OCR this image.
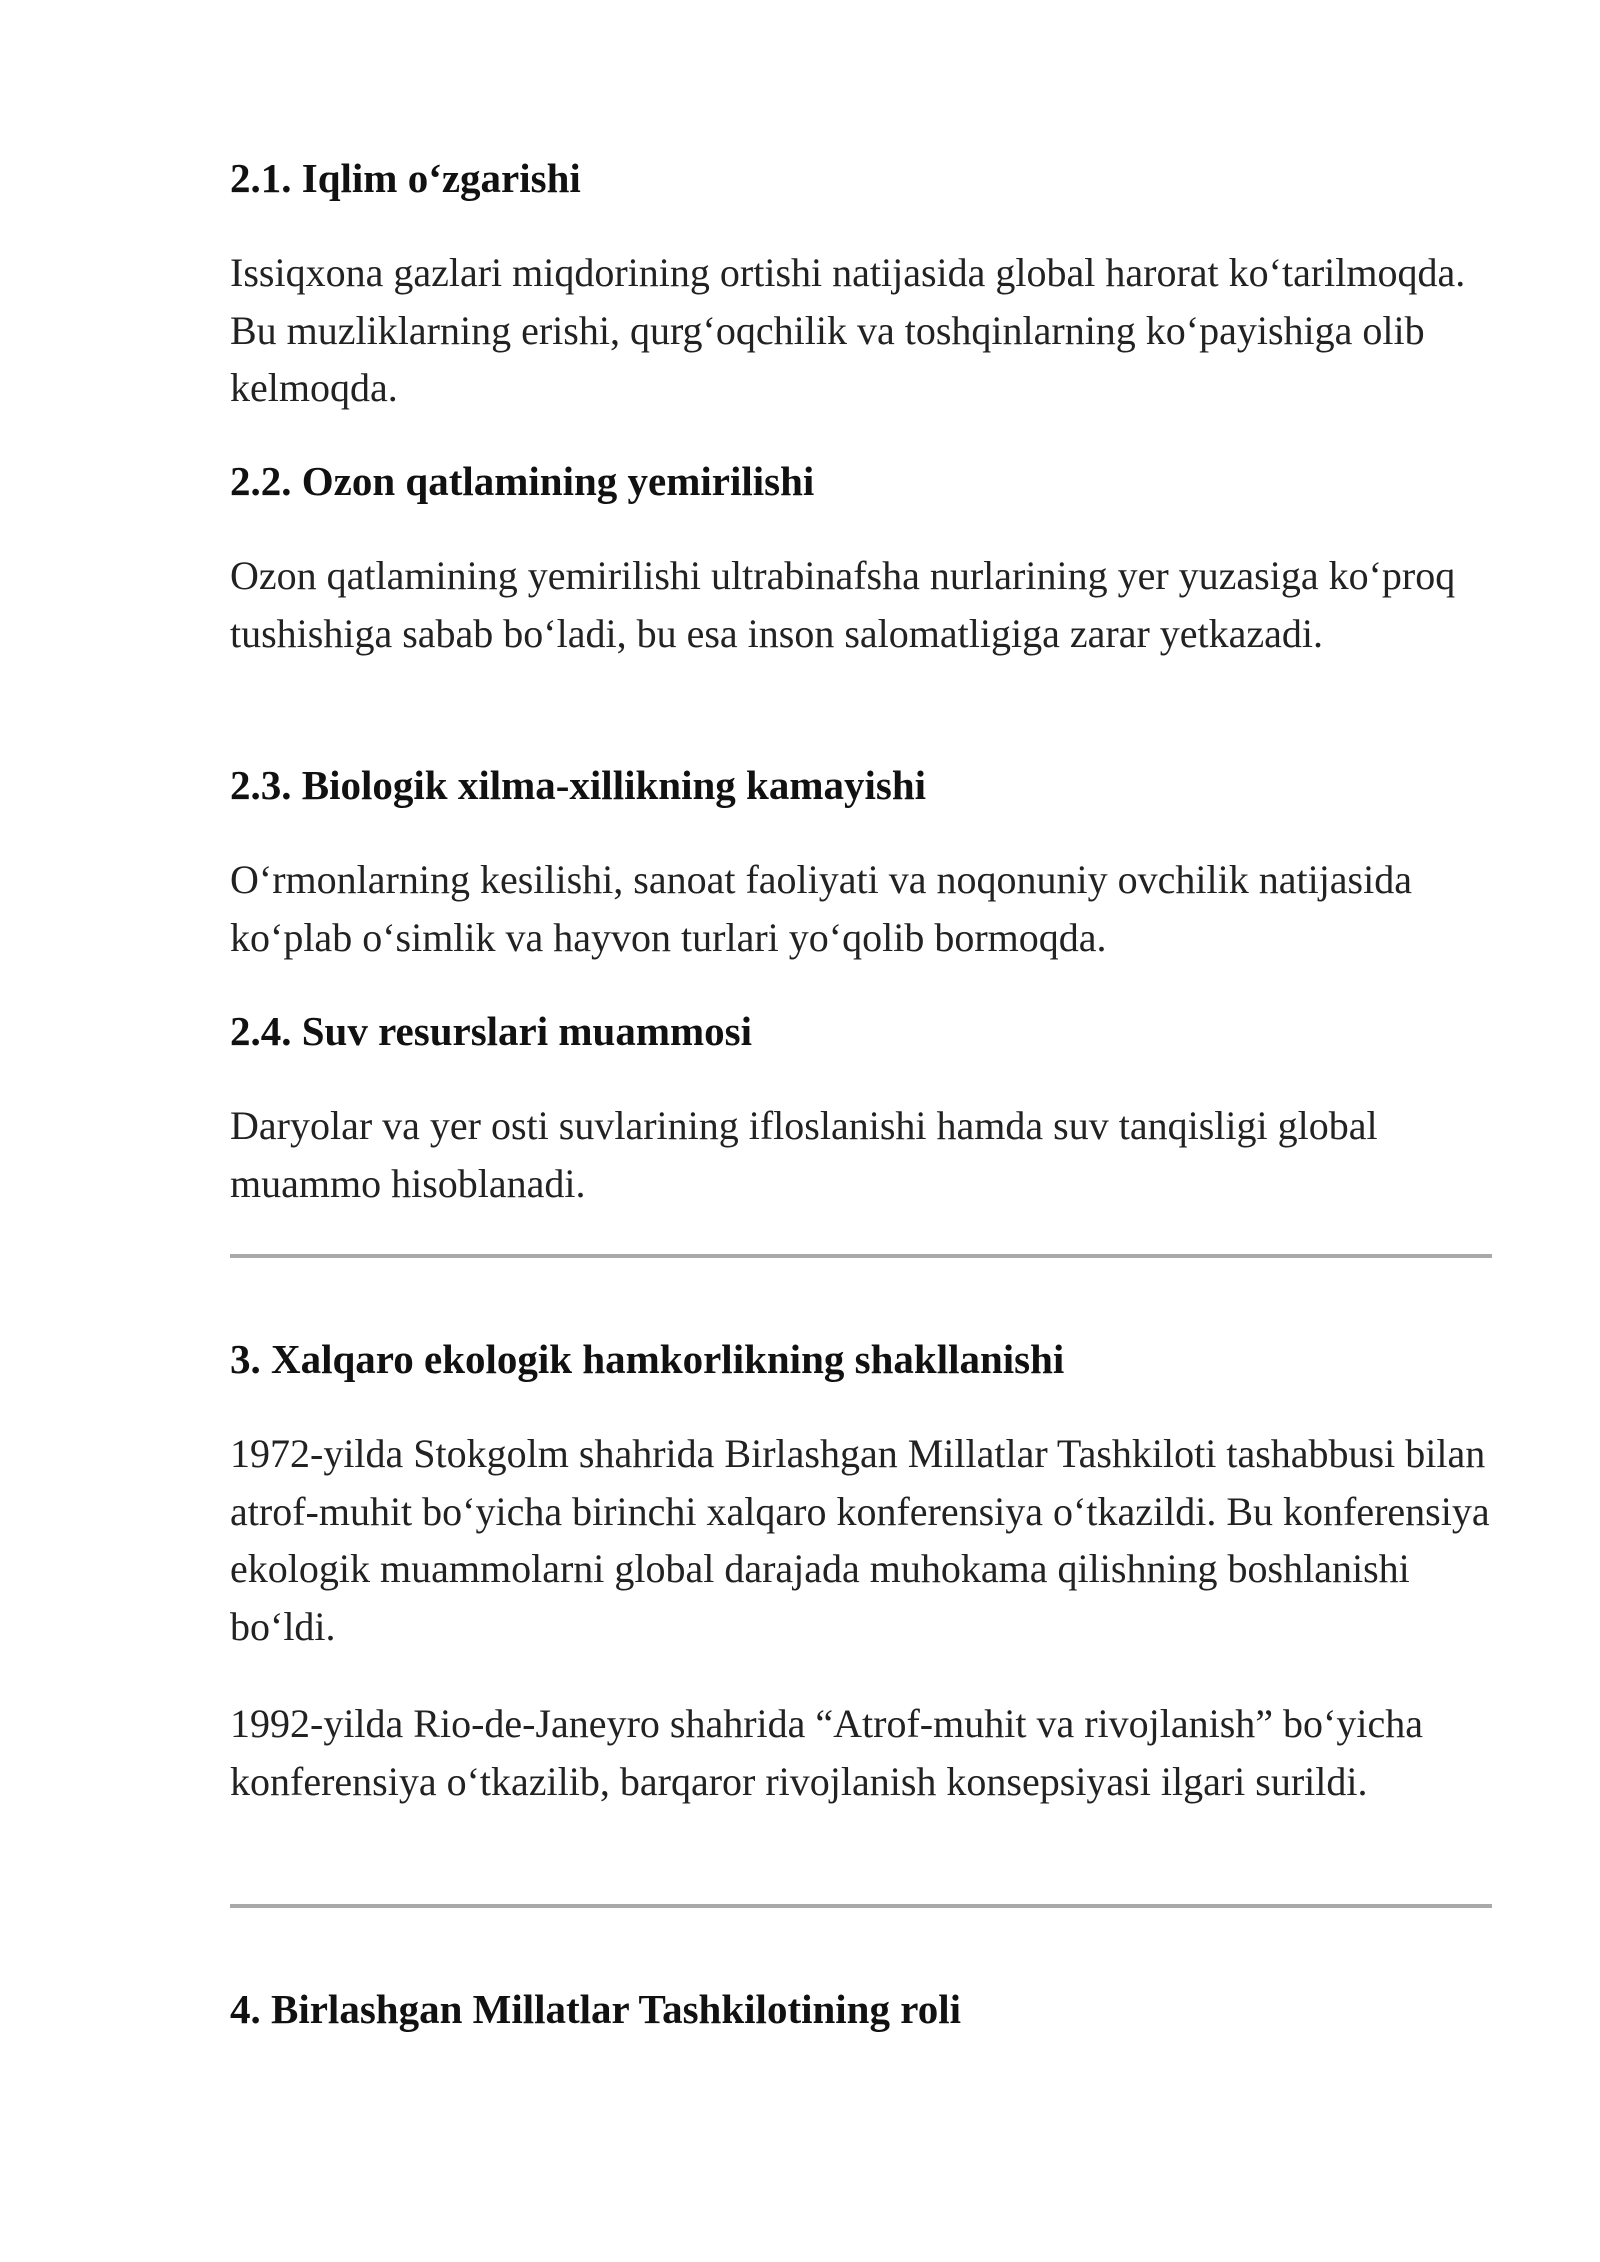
2.1. Iqlim o‘zgarishi

Issiqxona gazlari miqdorining ortishi natijasida global harorat ko‘tarilmoqda. Bu muzliklarning erishi, qurg‘oqchilik va toshqinlarning ko‘payishiga olib kelmoqda.

2.2. Ozon qatlamining yemirilishi

Ozon qatlamining yemirilishi ultrabinafsha nurlarining yer yuzasiga ko‘proq tushishiga sabab bo‘ladi, bu esa inson salomatligiga zarar yetkazadi.

2.3. Biologik xilma-xillikning kamayishi

O‘rmonlarning kesilishi, sanoat faoliyati va noqonuniy ovchilik natijasida ko‘plab o‘simlik va hayvon turlari yo‘qolib bormoqda.

2.4. Suv resurslari muammosi

Daryolar va yer osti suvlarining ifloslanishi hamda suv tanqisligi global muammo hisoblanadi.

3. Xalqaro ekologik hamkorlikning shakllanishi

1972-yilda Stokgolm shahrida Birlashgan Millatlar Tashkiloti tashabbusi bilan atrof-muhit bo‘yicha birinchi xalqaro konferensiya o‘tkazildi. Bu konferensiya ekologik muammolarni global darajada muhokama qilishning boshlanishi bo‘ldi.

1992-yilda Rio-de-Janeyro shahrida “Atrof-muhit va rivojlanish” bo‘yicha konferensiya o‘tkazilib, barqaror rivojlanish konsepsiyasi ilgari surildi.

4. Birlashgan Millatlar Tashkilotining roli
